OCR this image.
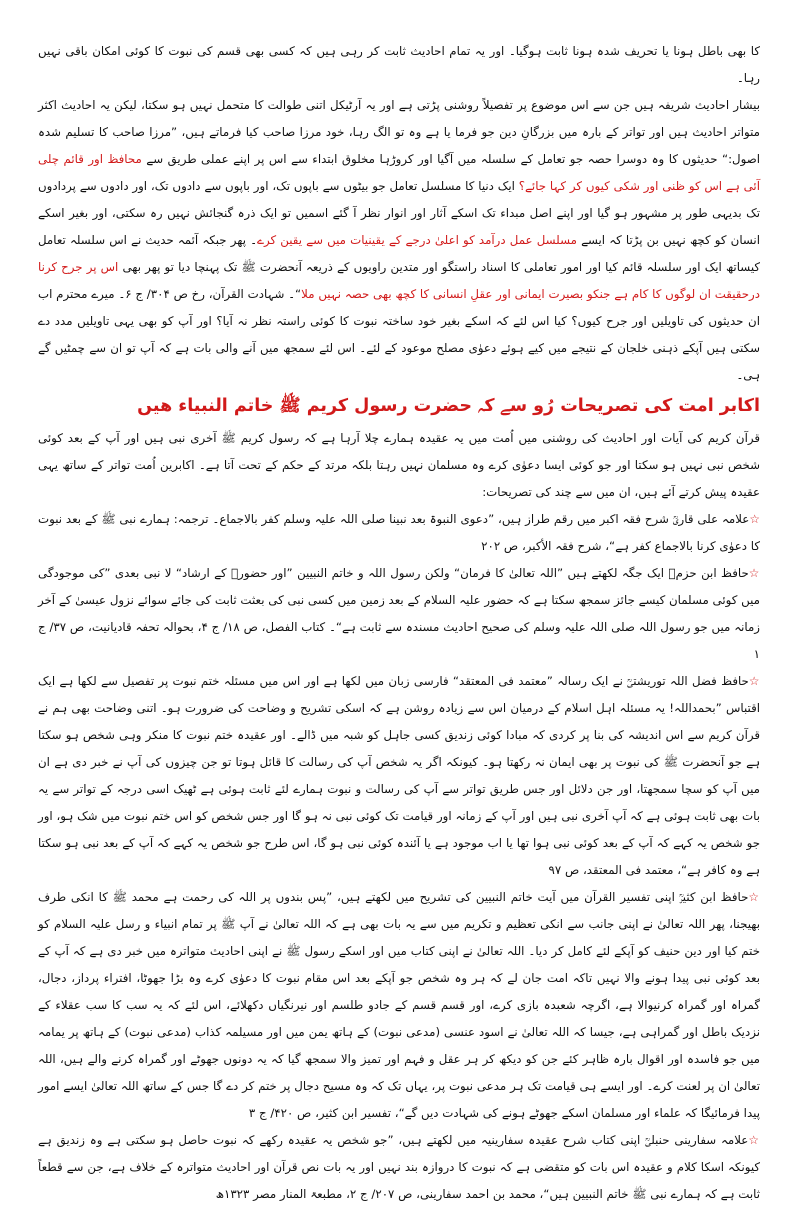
کا بھی باطل ہونا یا تحریف شدہ ہونا ثابت ہوگیا۔ اور یہ تمام احادیث ثابت کر رہی ہیں کہ کسی بھی قسم کی نبوت کا کوئی امکان باقی نہیں رہا۔
بیشار احادیث شریفہ ہیں جن سے اس موضوع پر تفصیلاً روشنی پڑتی ہے اور یہ آرٹیکل اتنی طوالت کا متحمل نہیں ہو سکتا، لیکن یہ احادیث اکثر متواتر احادیث ہیں اور تواتر کے بارہ میں بزرگانِ دین جو فرما یا ہے وہ تو الگ رہا، خود مرزا صاحب کیا فرماتے ہیں، ”مرزا صاحب کا تسلیم شدہ اصول:“ حدیثوں کا وہ دوسرا حصہ جو تعامل کے سلسلہ میں آگیا اور کروڑہا مخلوق ابتداء سے اس پر اپنے عملی طریق سے محافظ اور قائم چلی آئی ہے اس کو ظنی اور شکی کیوں کر کہا جائے؟ ایک دنیا کا مسلسل تعامل جو بیٹوں سے باپوں تک، اور باپوں سے دادوں تک، اور دادوں سے پردادوں تک بدیہی طور پر مشہور ہو گیا اور اپنے اصل مبداء تک اسکے آثار اور انوار نظر آ گئے اسمیں تو ایک ذرہ گنجائش نہیں رہ سکتی، اور بغیر اسکے انسان کو کچھ نہیں بن پڑتا کہ ایسے مسلسل عمل درآمد کو اعلیٰ درجے کے یقینیات میں سے یقین کرے۔ پھر جبکہ آئمہ حدیث نے اس سلسلہ تعامل کیساتھ ایک اور سلسلہ قائم کیا اور امور تعاملی کا اسناد راستگو اور متدین راویوں کے ذریعہ آنحضرت ﷺ تک پہنچا دیا تو پھر بھی اس پر جرح کرنا درحقیقت ان لوگوں کا کام ہے جنکو بصیرت ایمانی اور عقلِ انسانی کا کچھ بھی حصہ نہیں ملا“۔ شہادت القرآن، رخ ص ۳۰۴/ ج ۶۔ میرے محترم اب ان حدیثوں کی تاویلیں اور جرح کیوں؟ کیا اس لئے کہ اسکے بغیر خود ساختہ نبوت کا کوئی راستہ نظر نہ آیا؟ اور آپ کو بھی یہی تاویلیں مدد دے سکتی ہیں آپکے ذہنی خلجان کے نتیجے میں کیے ہوئے دعوٰی مصلح موعود کے لئے۔ اس لئے سمجھ میں آنے والی بات ہے کہ آپ تو ان سے چمٹیں گے ہی۔
اکابر امت کی تصریحات رُو سے کہ حضرت رسول کریم ﷺ خاتم النبیاء ھیں
قرآن کریم کی آیات اور احادیث کی روشنی میں اُمت میں یہ عقیدہ ہمارے چلا آرہا ہے کہ رسول کریم ﷺ آخری نبی ہیں اور آپ کے بعد کوئی شخص نبی نہیں ہو سکتا اور جو کوئی ایسا دعوٰی کرے وہ مسلمان نہیں رہتا بلکہ مرتد کے حکم کے تحت آتا ہے۔ اکابرین اُمت تواتر کے ساتھ یہی عقیدہ پیش کرتے آئے ہیں، ان میں سے چند کی تصریحات:
☆علامہ علی قاریؒ شرح فقہ اکبر میں رقم طراز ہیں، ”دعوی النبوۃ بعد نبینا صلی اللہ علیہ وسلم کفر بالاجماع۔ ترجمہ: ہمارے نبی ﷺ کے بعد نبوت کا دعوٰی کرنا بالاجماع کفر ہے“، شرح فقہ الأکبر، ص ۲۰۲
☆حافظ ابن حزمؒ ایک جگہ لکھتے ہیں ”اللہ تعالیٰ کا فرمان“ ولکن رسول اللہ و خاتم النبیین ”اور حضورؐ کے ارشاد“ لا نبی بعدی ”کی موجودگی میں کوئی مسلمان کیسے جائز سمجھ سکتا ہے کہ حضور علیہ السلام کے بعد زمین میں کسی نبی کی بعثت ثابت کی جائے سوائے نزول عیسیٰ کے آخر زمانہ میں جو رسول اللہ صلی اللہ علیہ وسلم کی صحیح احادیث مسندہ سے ثابت ہے“۔ کتاب الفصل، ص ۱۸/ ج ۴، بحوالہ تحفہ قادیانیت، ص ۳۷/ ج ۱
☆حافظ فضل اللہ توریشتیؒ نے ایک رسالہ ”معتمد فی المعتقد“ فارسی زبان میں لکھا ہے اور اس میں مسئلہ ختم نبوت پر تفصیل سے لکھا ہے ایک اقتباس ”بحمداللہ! یہ مسئلہ اہل اسلام کے درمیان اس سے زیادہ روشن ہے کہ اسکی تشریح و وضاحت کی ضرورت ہو۔ اتنی وضاحت بھی ہم نے قرآن کریم سے اس اندیشہ کی بنا پر کردی کہ مبادا کوئی زندیق کسی جاہل کو شبہ میں ڈالے۔ اور عقیدہ ختم نبوت کا منکر وہی شخص ہو سکتا ہے جو آنحضرت ﷺ کی نبوت پر بھی ایمان نہ رکھتا ہو۔ کیونکہ اگر یہ شخص آپ کی رسالت کا قائل ہوتا تو جن چیزوں کی آپ نے خبر دی ہے ان میں آپ کو سچا سمجھتا، اور جن دلائل اور جس طریق تواتر سے آپ کی رسالت و نبوت ہمارے لئے ثابت ہوئی ہے ٹھیک اسی درجہ کے تواتر سے یہ بات بھی ثابت ہوئی ہے کہ آپ آخری نبی ہیں اور آپ کے زمانہ اور قیامت تک کوئی نبی نہ ہو گا اور جس شخص کو اس ختم نبوت میں شک ہو، اور جو شخص یہ کہے کہ آپ کے بعد کوئی نبی ہوا تھا یا اب موجود ہے یا آئندہ کوئی نبی ہو گا، اس طرح جو شخص یہ کہے کہ آپ کے بعد نبی ہو سکتا ہے وہ کافر ہے“، معتمد فی المعتقد، ص ۹۷
☆حافظ ابن کثیرؒ اپنی تفسیر القرآن میں آیت خاتم النبیین کی تشریح میں لکھتے ہیں، ”پس بندوں پر اللہ کی رحمت ہے محمد ﷺ کا انکی طرف بھیجنا، پھر اللہ تعالیٰ نے اپنی جانب سے انکی تعظیم و تکریم میں سے یہ بات بھی ہے کہ اللہ تعالیٰ نے آپ ﷺ پر تمام انبیاء و رسل علیہ السلام کو ختم کیا اور دین حنیف کو آپکے لئے کامل کر دیا۔ اللہ تعالیٰ نے اپنی کتاب میں اور اسکے رسول ﷺ نے اپنی احادیث متواترہ میں خبر دی ہے کہ آپ کے بعد کوئی نبی پیدا ہونے والا نہیں تاکہ امت جان لے کہ ہر وہ شخص جو آپکے بعد اس مقام نبوت کا دعوٰی کرے وہ بڑا جھوٹا، افتراء پرداز، دجال، گمراہ اور گمراہ کرنیوالا ہے، اگرچہ شعبدہ بازی کرے، اور قسم قسم کے جادو طلسم اور نیرنگیاں دکھلائے، اس لئے کہ یہ سب کا سب عقلاء کے نزدیک باطل اور گمراہی ہے، جیسا کہ اللہ تعالیٰ نے اسود عنسی (مدعی نبوت) کے ہاتھ یمن میں اور مسیلمہ کذاب (مدعی نبوت) کے ہاتھ پر یمامہ میں جو فاسدہ اور اقوال بارہ ظاہر کئے جن کو دیکھ کر ہر عقل و فہم اور تمیز والا سمجھ گیا کہ یہ دونوں جھوٹے اور گمراہ کرنے والے ہیں، اللہ تعالیٰ ان پر لعنت کرے۔ اور ایسے ہی قیامت تک ہر مدعی نبوت پر، یہاں تک کہ وہ مسیح دجال پر ختم کر دے گا جس کے ساتھ اللہ تعالیٰ ایسے امور پیدا فرمائیگا کہ علماء اور مسلمان اسکے جھوٹے ہونے کی شہادت دیں گے“، تفسیر ابن کثیر، ص ۴۲۰/ ج ۳
☆علامہ سفارینی حنبلیؒ اپنی کتاب شرح عقیدہ سفارینیہ میں لکھتے ہیں، ”جو شخص یہ عقیدہ رکھے کہ نبوت حاصل ہو سکتی ہے وہ زندیق ہے کیونکہ اسکا کلام و عقیدہ اس بات کو متقضی ہے کہ نبوت کا دروازہ بند نہیں اور یہ بات نص قرآن اور احادیث متواترہ کے خلاف ہے، جن سے قطعاً ثابت ہے کہ ہمارے نبی ﷺ خاتم النبیین ہیں“، محمد بن احمد سفارینی، ص ۲۰۷/ ج ۲، مطبعۃ المنار مصر ۱۳۲۳ھ
